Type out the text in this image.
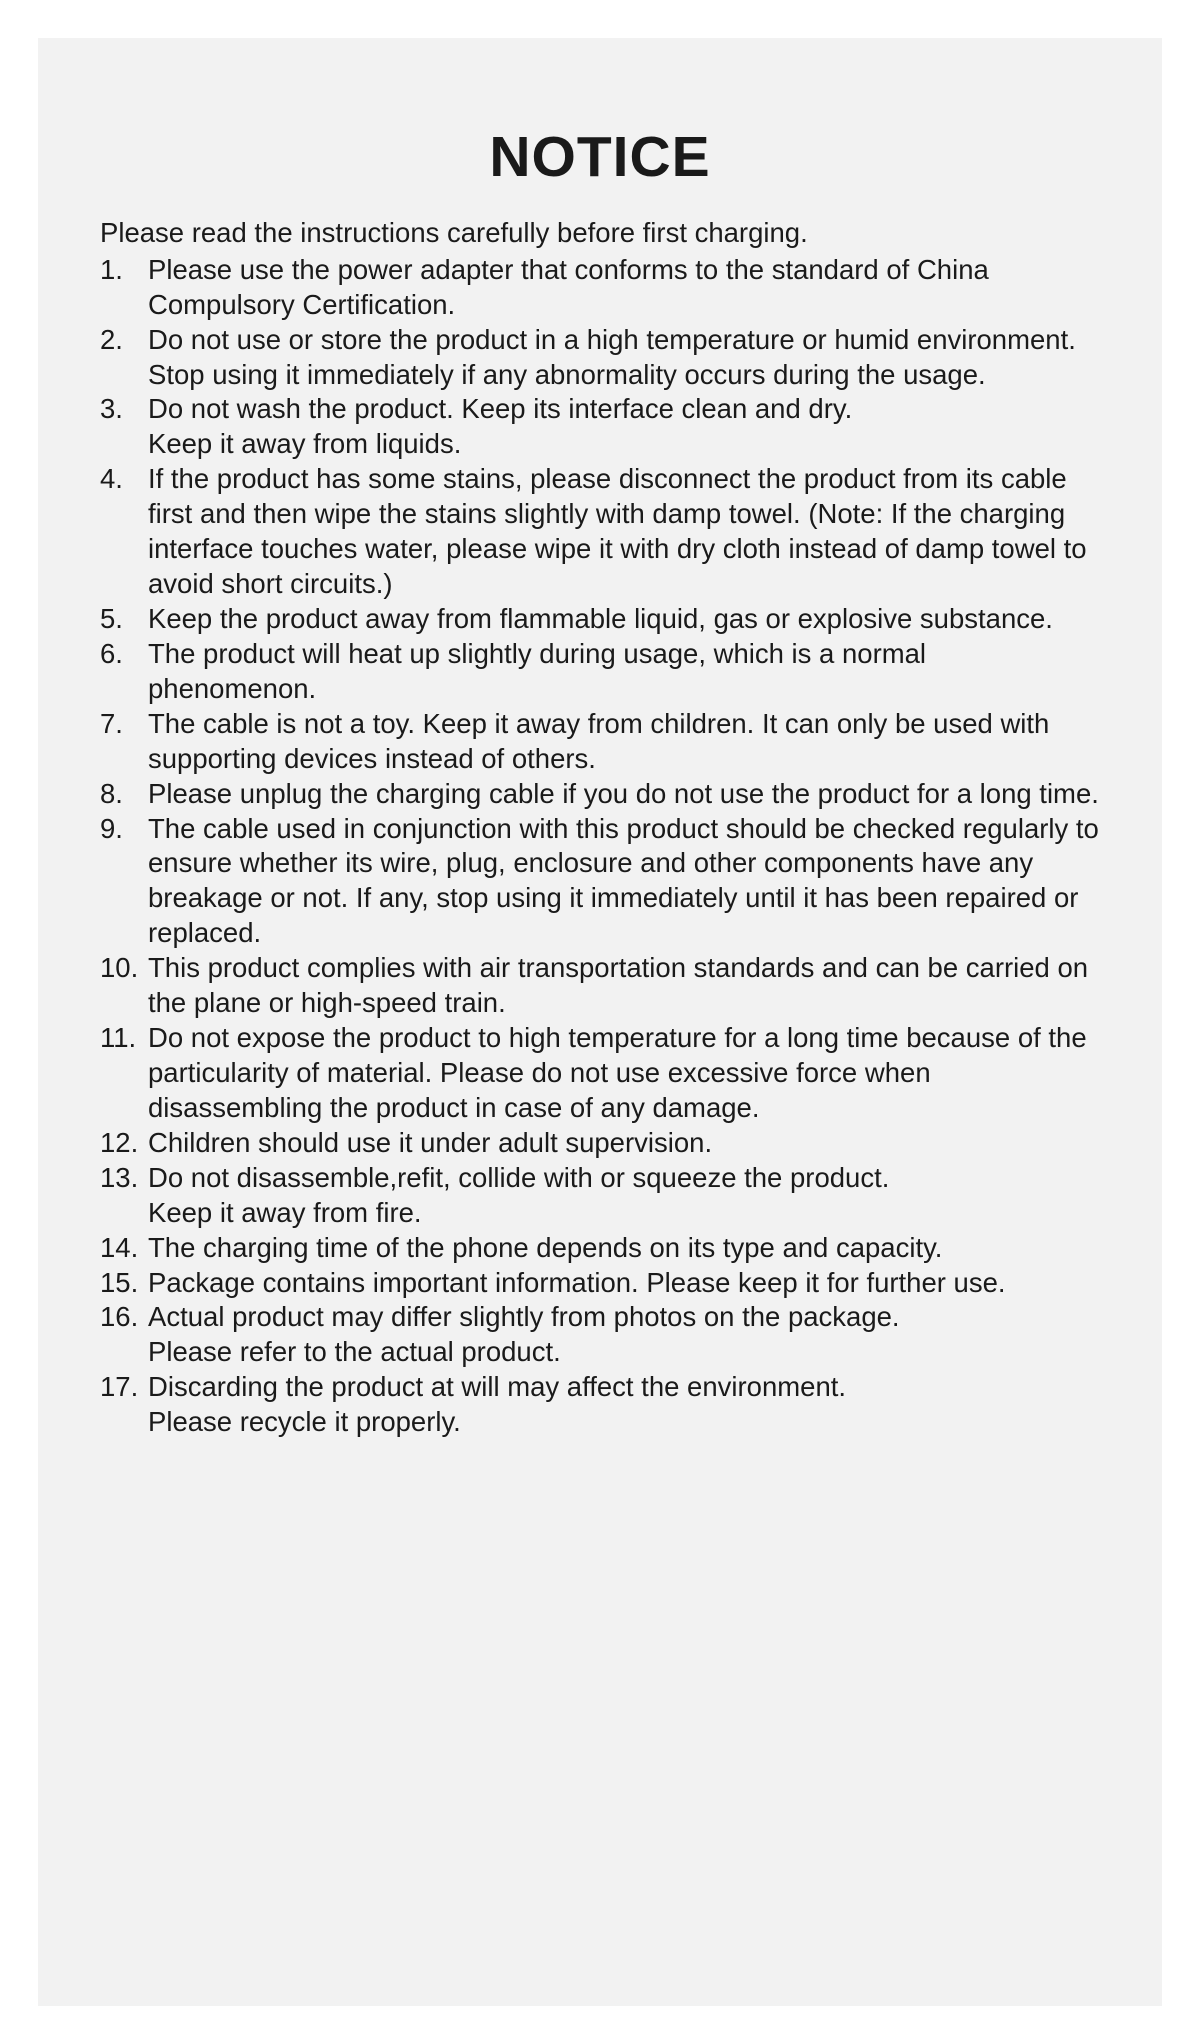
NOTICE

Please read the instructions carefully before first charging.

1. Please use the power adapter that conforms to the standard of China Compulsory Certification.
2. Do not use or store the product in a high temperature or humid environment. Stop using it immediately if any abnormality occurs during the usage.
3. Do not wash the product. Keep its interface clean and dry.
Keep it away from liquids.
4. If the product has some stains, please disconnect the product from its cable first and then wipe the stains slightly with damp towel. (Note: If the charging interface touches water, please wipe it with dry cloth instead of damp towel to avoid short circuits.)
5. Keep the product away from flammable liquid, gas or explosive substance.
6. The product will heat up slightly during usage, which is a normal phenomenon.
7. The cable is not a toy. Keep it away from children. It can only be used with supporting devices instead of others.
8. Please unplug the charging cable if you do not use the product for a long time.
9. The cable used in conjunction with this product should be checked regularly to ensure whether its wire, plug, enclosure and other components have any breakage or not. If any, stop using it immediately until it has been repaired or replaced.
10. This product complies with air transportation standards and can be carried on the plane or high-speed train.
11. Do not expose the product to high temperature for a long time because of the particularity of material. Please do not use excessive force when disassembling the product in case of any damage.
12. Children should use it under adult supervision.
13. Do not disassemble,refit, collide with or squeeze the product.
Keep it away from fire.
14. The charging time of the phone depends on its type and capacity.
15. Package contains important information. Please keep it for further use.
16. Actual product may differ slightly from photos on the package.
Please refer to the actual product.
17. Discarding the product at will may affect the environment.
Please recycle it properly.
